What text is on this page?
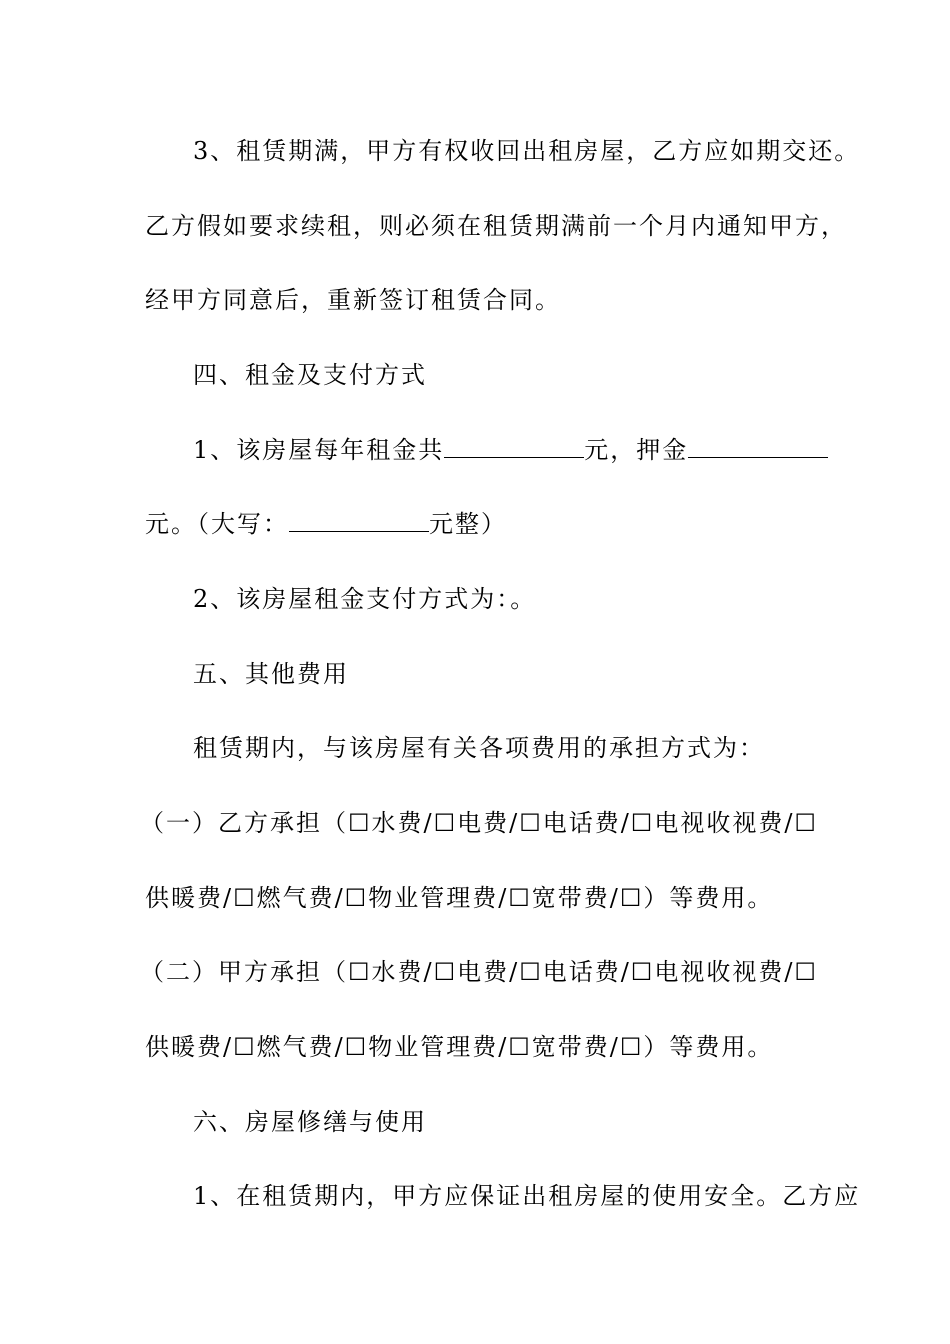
3、租赁期满，甲方有权收回出租房屋，乙方应如期交还。
乙方假如要求续租，则必须在租赁期满前一个月内通知甲方，
经甲方同意后，重新签订租赁合同。
四、租金及支付方式
1、该房屋每年租金共	元，押金
元。（大写：	元整）
2、该房屋租金支付方式为：。
五、其他费用
租赁期内，与该房屋有关各项费用的承担方式为：
（一）乙方承担（☐水费/☐电费/☐电话费/☐电视收视费/☐
供暖费/☐燃气费/☐物业管理费/☐宽带费/☐）等费用。
（二）甲方承担（☐水费/☐电费/☐电话费/☐电视收视费/☐
供暖费/☐燃气费/☐物业管理费/☐宽带费/☐）等费用。
六、房屋修缮与使用
1、在租赁期内，甲方应保证出租房屋的使用安全。乙方应
